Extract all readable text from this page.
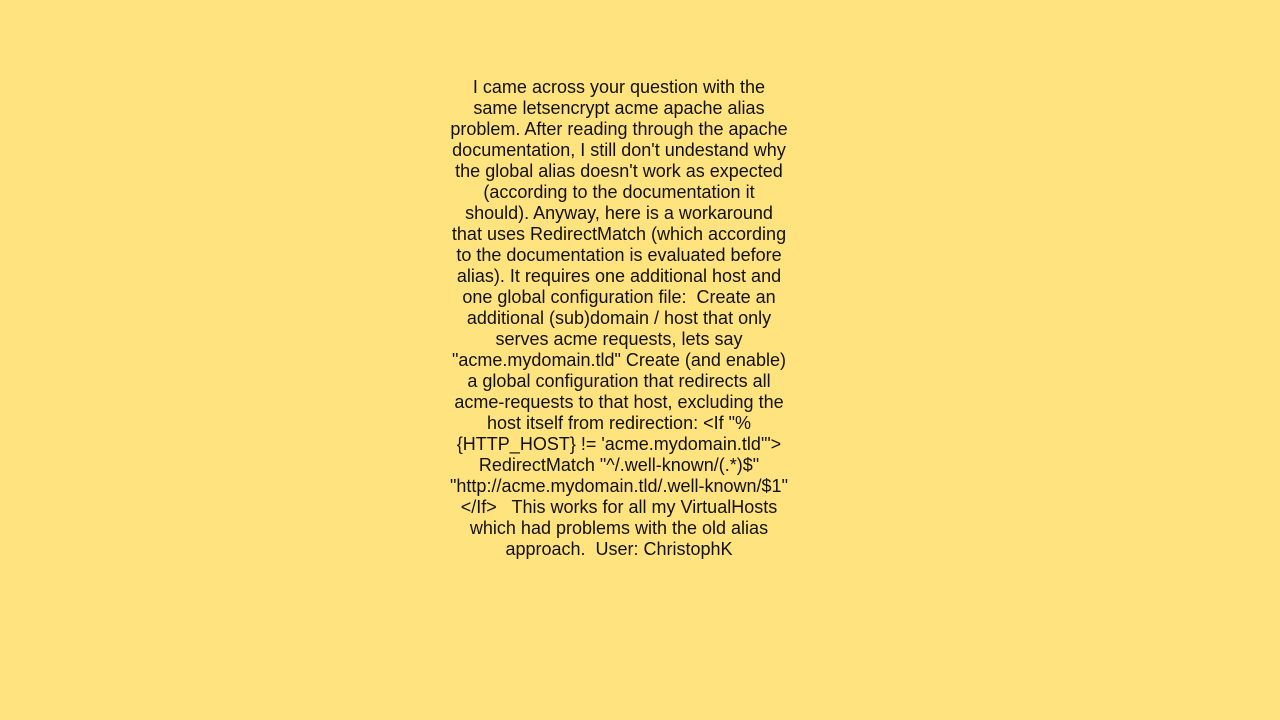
I came across your question with the same letsencrypt acme apache alias problem. After reading through the apache documentation, I still don't undestand why the global alias doesn't work as expected (according to the documentation it should). Anyway, here is a workaround that uses RedirectMatch (which according to the documentation is evaluated before alias). It requires one additional host and one global configuration file:  Create an additional (sub)domain / host that only serves acme requests, lets say "acme.mydomain.tld" Create (and enable) a global configuration that redirects all acme-requests to that host, excluding the host itself from redirection: <If "%{HTTP_HOST} != 'acme.mydomain.tld'">     RedirectMatch "^/.well-known/(.*)$" "http://acme.mydomain.tld/.well-known/$1"  </If>   This works for all my VirtualHosts which had problems with the old alias approach.  User: ChristophK
